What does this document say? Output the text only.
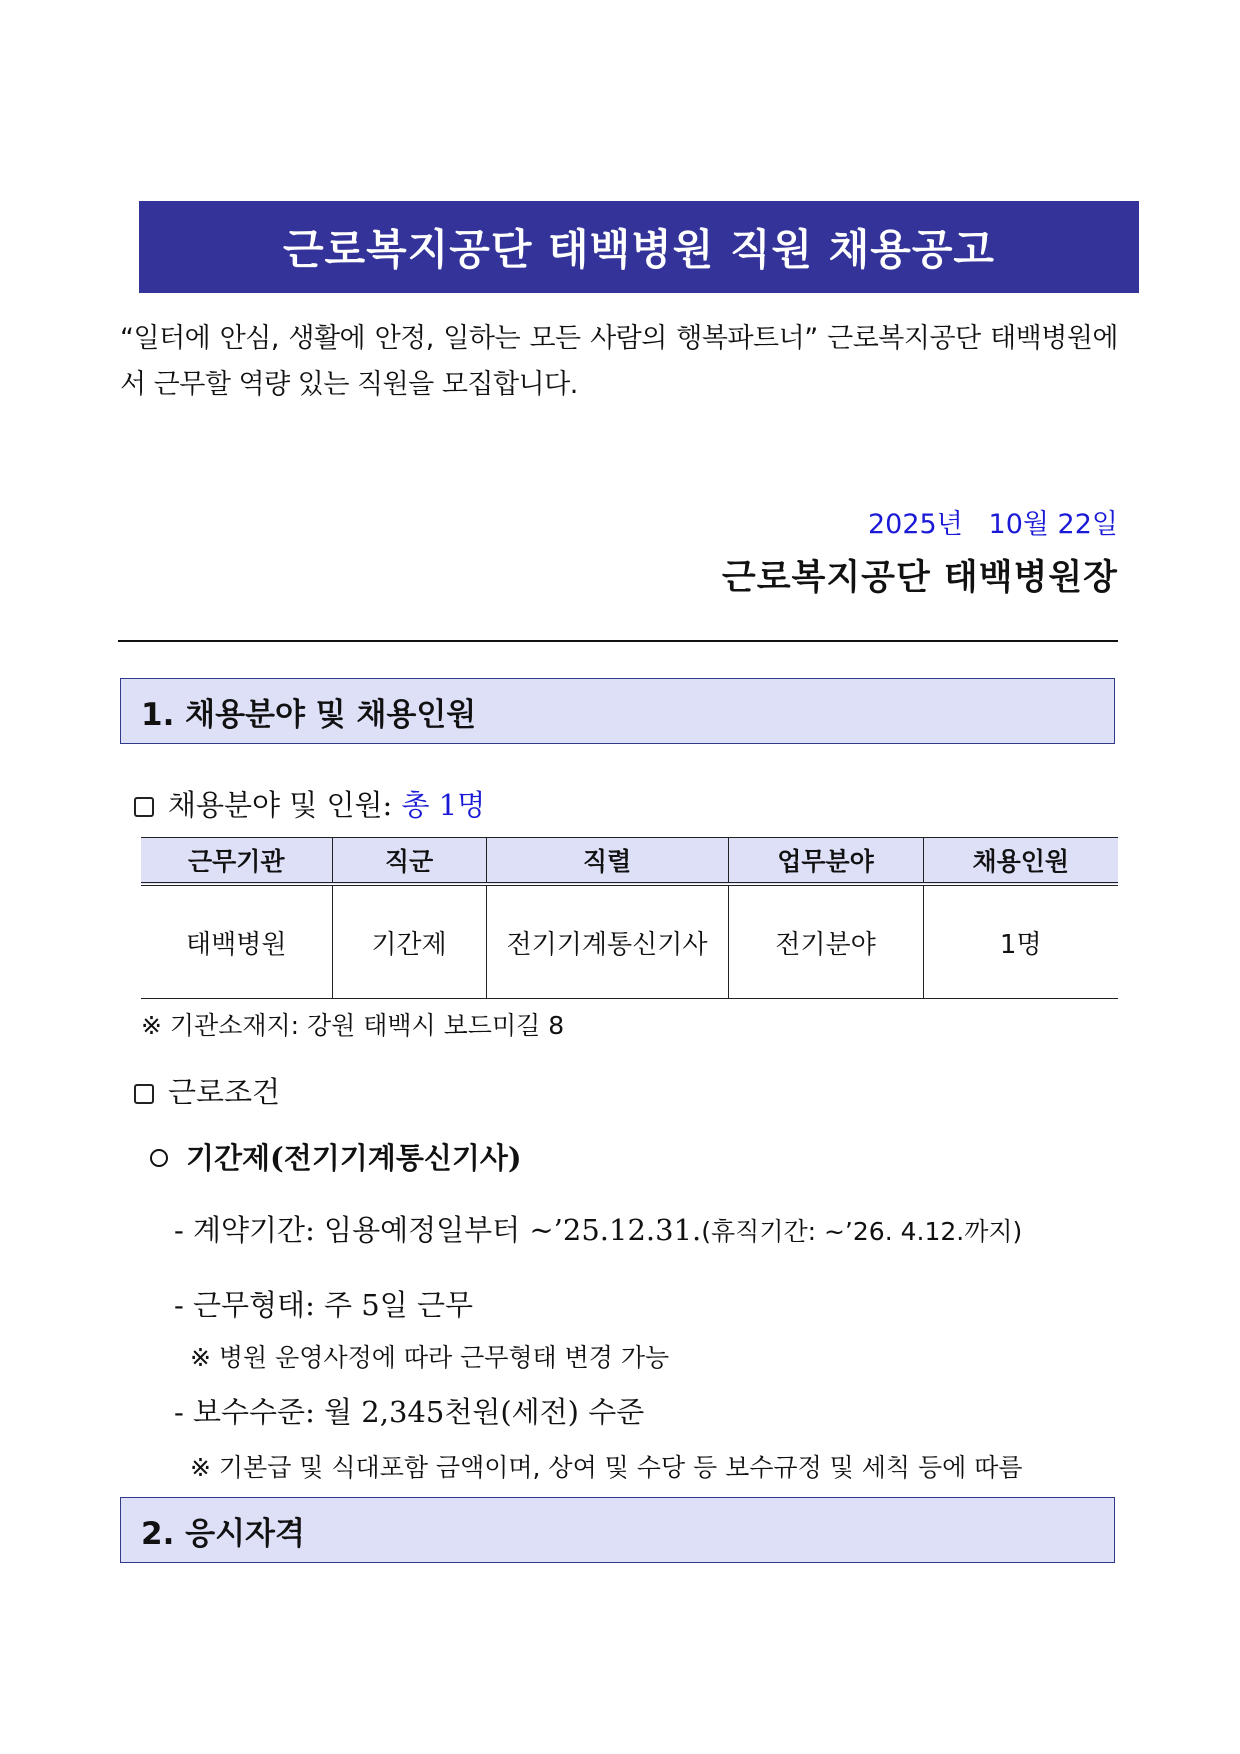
근로복지공단 태백병원 직원 채용공고
“일터에 안심, 생활에 안정, 일하는 모든 사람의 행복파트너” 근로복지공단 태백병원에서 근무할 역량 있는 직원을 모집합니다.
2025년   10월 22일
근로복지공단 태백병원장
1. 채용분야 및 채용인원
채용분야 및 인원: 총 1명
근무기관	직군	직렬	업무분야	채용인원
태백병원	기간제	전기기계통신기사	전기분야	1명
※ 기관소재지: 강원 태백시 보드미길 8
근로조건
기간제(전기기계통신기사)
- 계약기간: 임용예정일부터 ~’25.12.31.(휴직기간: ~’26. 4.12.까지)
- 근무형태: 주 5일 근무
※ 병원 운영사정에 따라 근무형태 변경 가능
- 보수수준: 월 2,345천원(세전) 수준
※ 기본급 및 식대포함 금액이며, 상여 및 수당 등 보수규정 및 세칙 등에 따름
2. 응시자격
